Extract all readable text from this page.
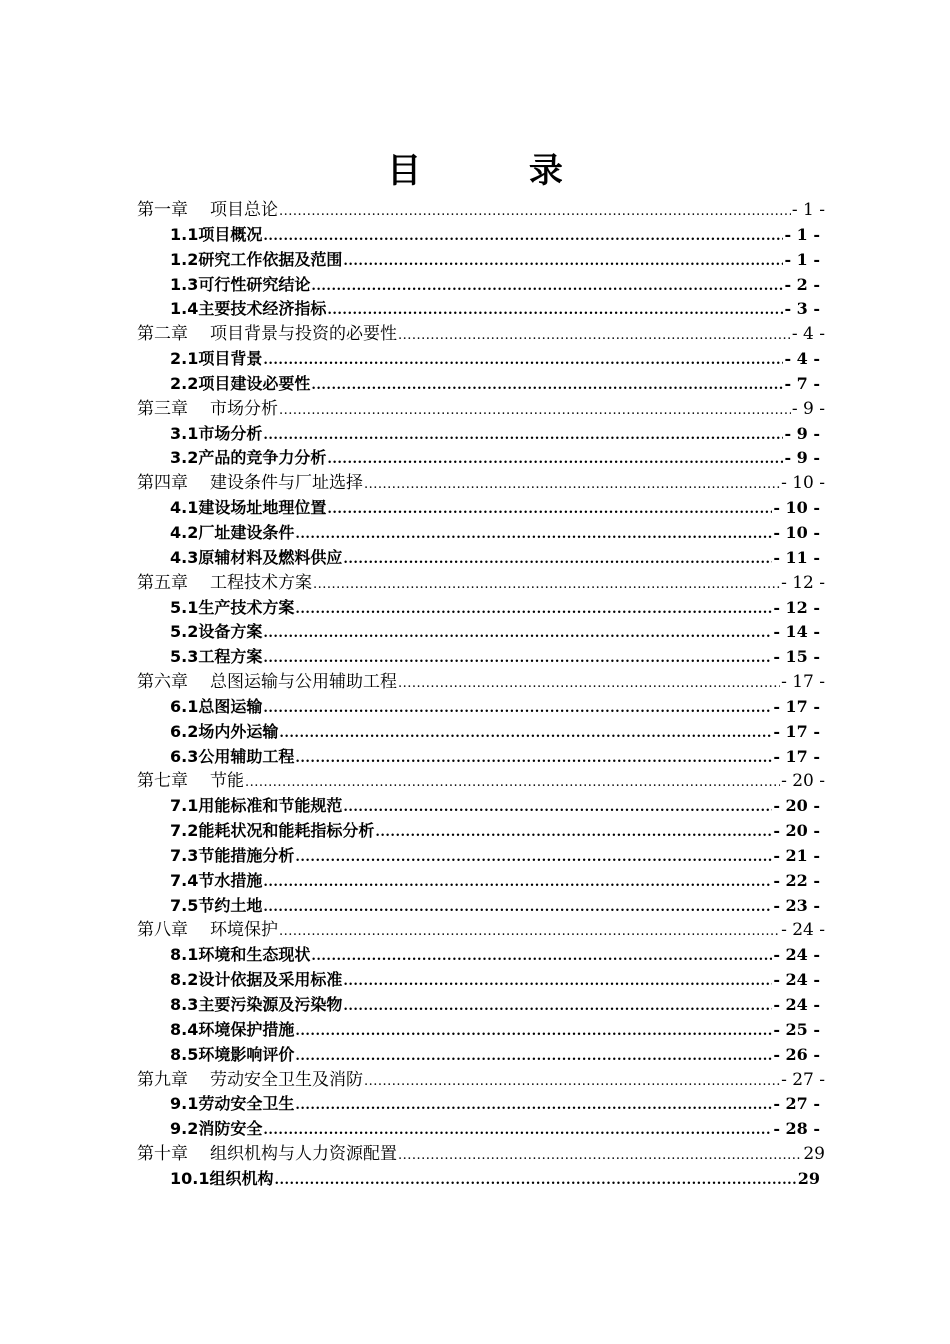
目 录
第一章 项目总论 .....	- 1 -
1.1项目概况 .....	- 1 -
1.2研究工作依据及范围 .....	- 1 -
1.3可行性研究结论 .....	- 2 -
1.4主要技术经济指标 .....	- 3 -
第二章 项目背景与投资的必要性 .....	- 4 -
2.1项目背景 .....	- 4 -
2.2项目建设必要性 .....	- 7 -
第三章 市场分析 .....	- 9 -
3.1市场分析 .....	- 9 -
3.2产品的竞争力分析 .....	- 9 -
第四章 建设条件与厂址选择 .....	- 10 -
4.1建设场址地理位置 .....	- 10 -
4.2厂址建设条件 .....	- 10 -
4.3原辅材料及燃料供应 .....	- 11 -
第五章 工程技术方案 .....	- 12 -
5.1生产技术方案 .....	- 12 -
5.2设备方案 .....	- 14 -
5.3工程方案 .....	- 15 -
第六章 总图运输与公用辅助工程 .....	- 17 -
6.1总图运输 .....	- 17 -
6.2场内外运输 .....	- 17 -
6.3公用辅助工程 .....	- 17 -
第七章 节能 .....	- 20 -
7.1用能标准和节能规范 .....	- 20 -
7.2能耗状况和能耗指标分析 .....	- 20 -
7.3节能措施分析 .....	- 21 -
7.4节水措施 .....	- 22 -
7.5节约土地 .....	- 23 -
第八章 环境保护 .....	- 24 -
8.1环境和生态现状 .....	- 24 -
8.2设计依据及采用标准 .....	- 24 -
8.3主要污染源及污染物 .....	- 24 -
8.4环境保护措施 .....	- 25 -
8.5环境影响评价 .....	- 26 -
第九章 劳动安全卫生及消防 .....	- 27 -
9.1劳动安全卫生 .....	- 27 -
9.2消防安全 .....	- 28 -
第十章 组织机构与人力资源配置 .....	29
10.1组织机构 .....	29
